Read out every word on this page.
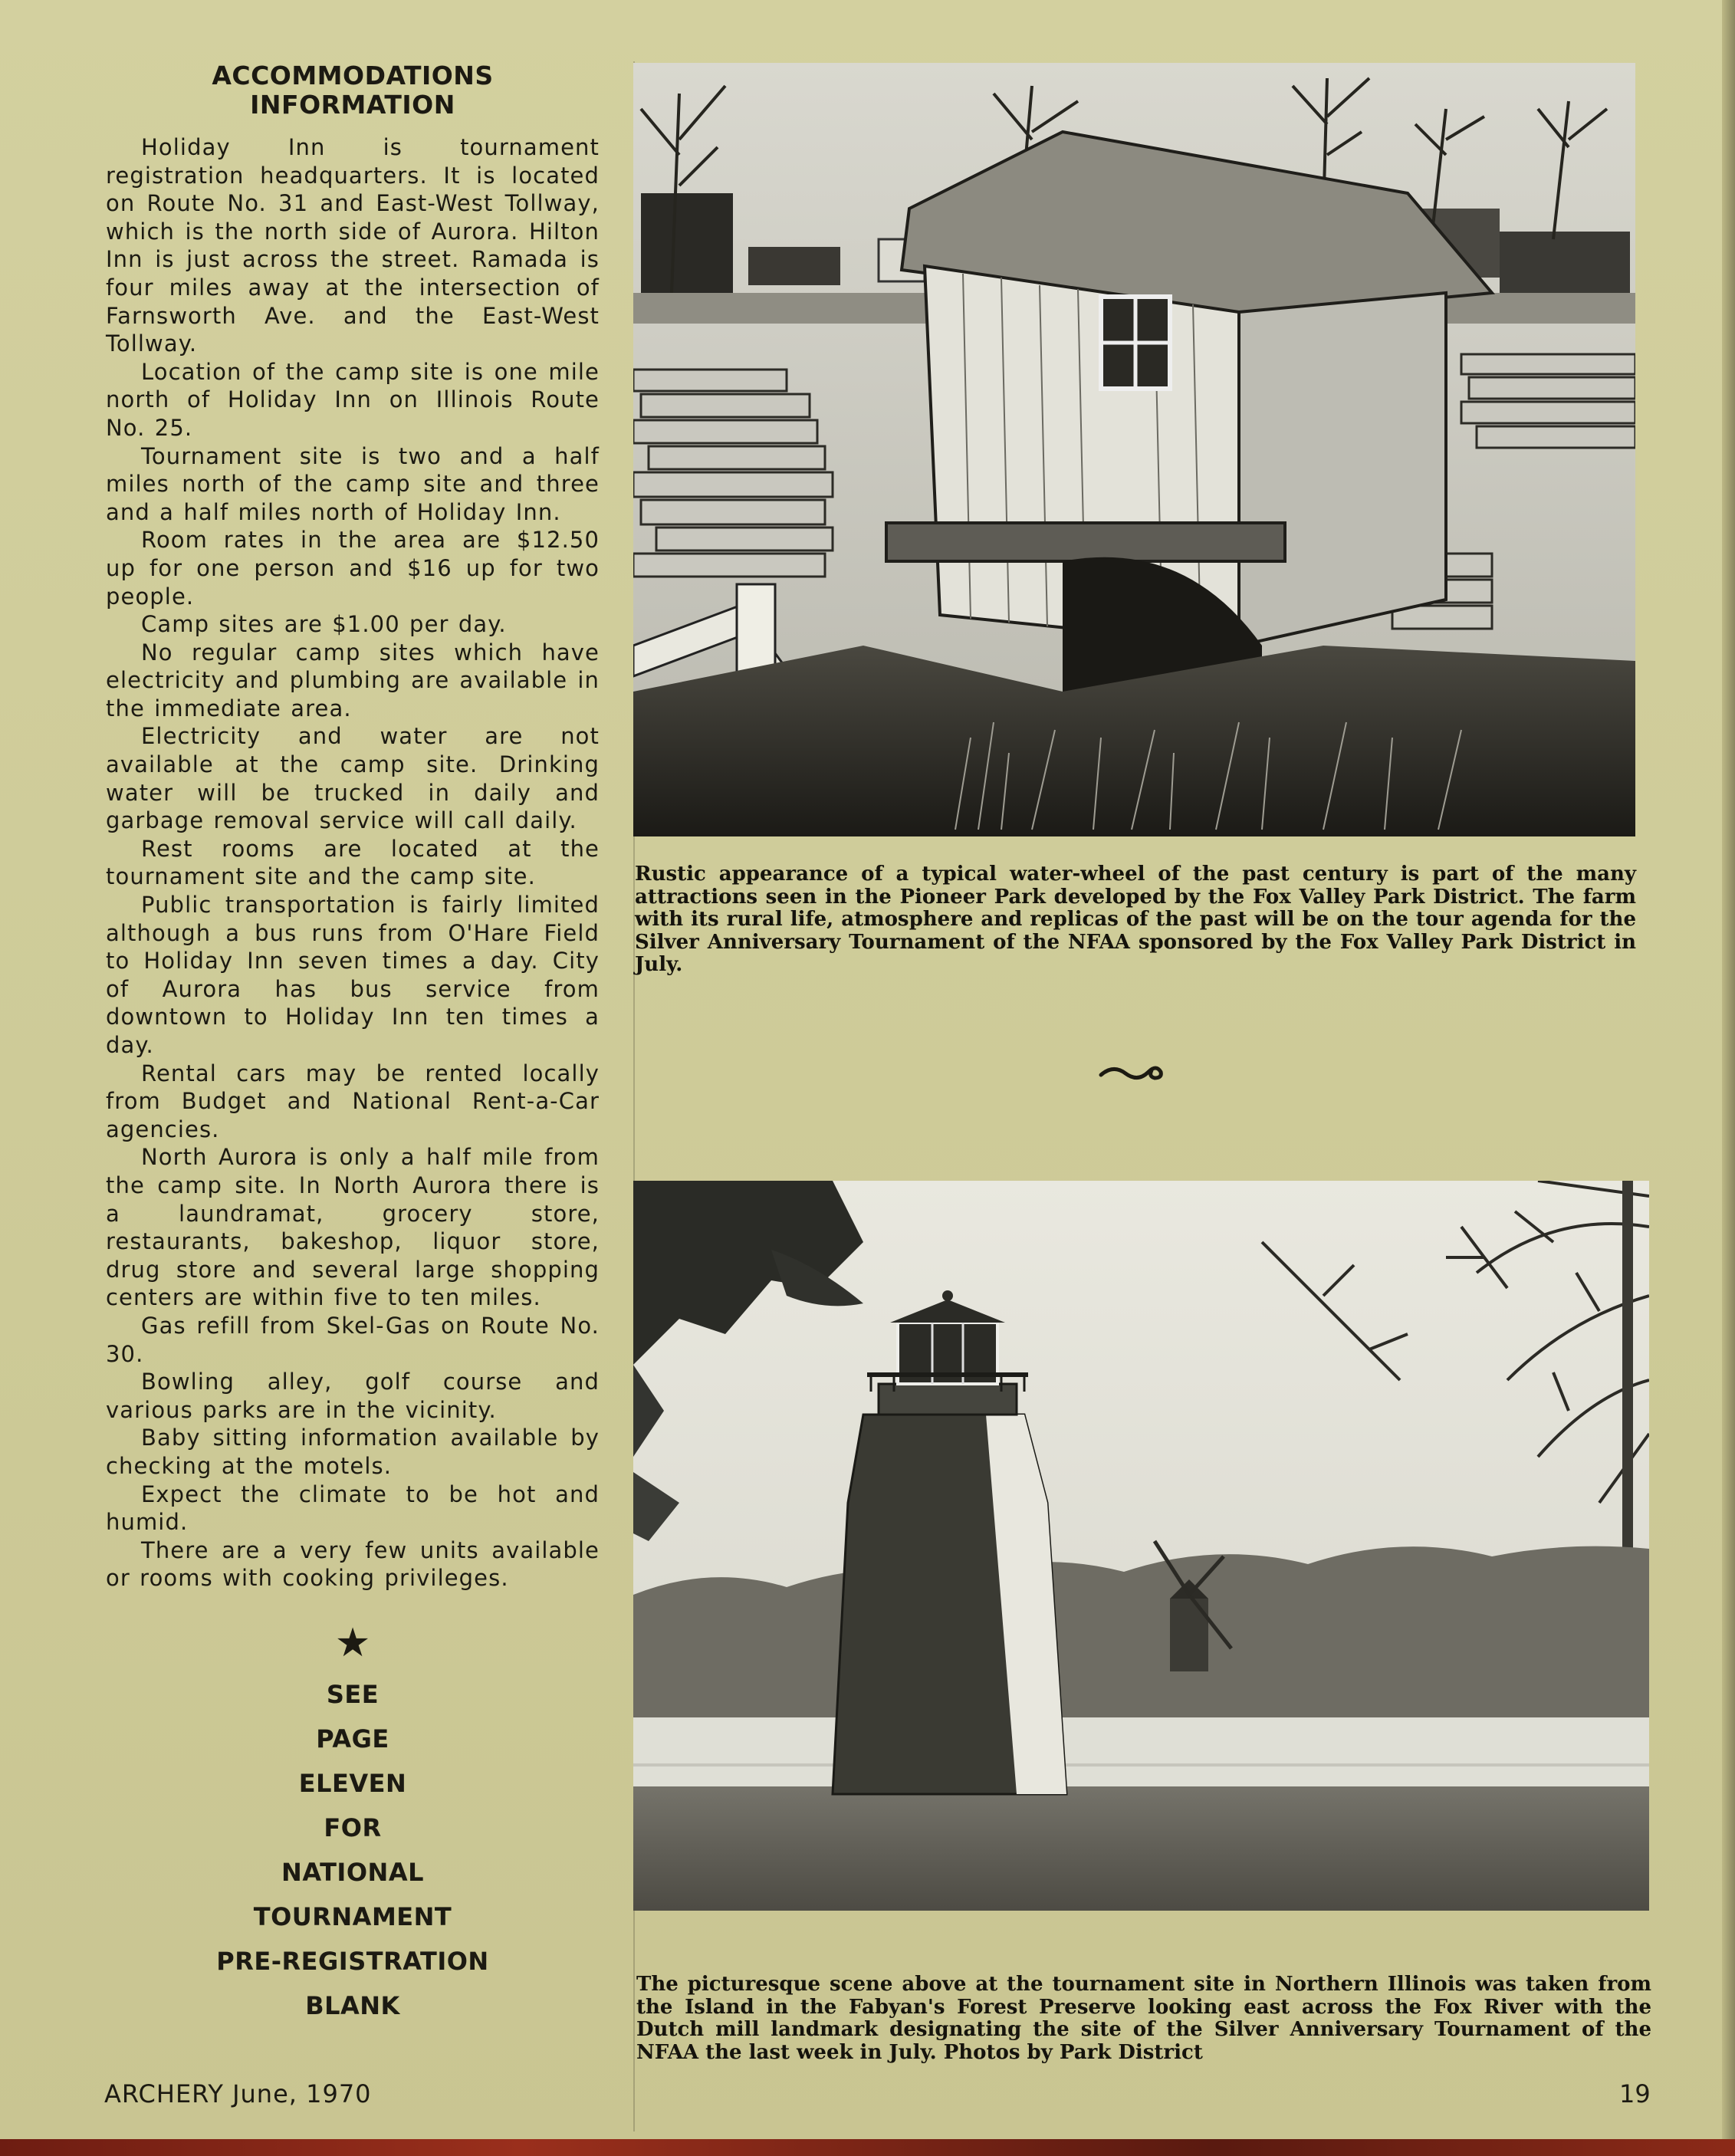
ACCOMMODATIONS
INFORMATION

Holiday Inn is tournament registration headquarters. It is located on Route No. 31 and East-West Tollway, which is the north side of Aurora. Hilton Inn is just across the street. Ramada is four miles away at the intersection of Farnsworth Ave. and the East-West Tollway.

Location of the camp site is one mile north of Holiday Inn on Illinois Route No. 25.

Tournament site is two and a half miles north of the camp site and three and a half miles north of Holiday Inn.

Room rates in the area are $12.50 up for one person and $16 up for two people.

Camp sites are $1.00 per day.

No regular camp sites which have electricity and plumbing are available in the immediate area.

Electricity and water are not available at the camp site. Drinking water will be trucked in daily and garbage removal service will call daily.

Rest rooms are located at the tournament site and the camp site.

Public transportation is fairly limited although a bus runs from O'Hare Field to Holiday Inn seven times a day. City of Aurora has bus service from downtown to Holiday Inn ten times a day.

Rental cars may be rented locally from Budget and National Rent-a-Car agencies.

North Aurora is only a half mile from the camp site. In North Aurora there is a laundramat, grocery store, restaurants, bakeshop, liquor store, drug store and several large shopping centers are within five to ten miles.

Gas refill from Skel-Gas on Route No. 30.

Bowling alley, golf course and various parks are in the vicinity.

Baby sitting information available by checking at the motels.

Expect the climate to be hot and humid.

There are a very few units available or rooms with cooking privileges.

★
SEE
PAGE
ELEVEN
FOR
NATIONAL
TOURNAMENT
PRE-REGISTRATION
BLANK

Rustic appearance of a typical water-wheel of the past century is part of the many attractions seen in the Pioneer Park developed by the Fox Valley Park District. The farm with its rural life, atmosphere and replicas of the past will be on the tour agenda for the Silver Anniversary Tournament of the NFAA sponsored by the Fox Valley Park District in July.

The picturesque scene above at the tournament site in Northern Illinois was taken from the Island in the Fabyan's Forest Preserve looking east across the Fox River with the Dutch mill landmark designating the site of the Silver Anniversary Tournament of the NFAA the last week in July. Photos by Park District

ARCHERY June, 1970	19
